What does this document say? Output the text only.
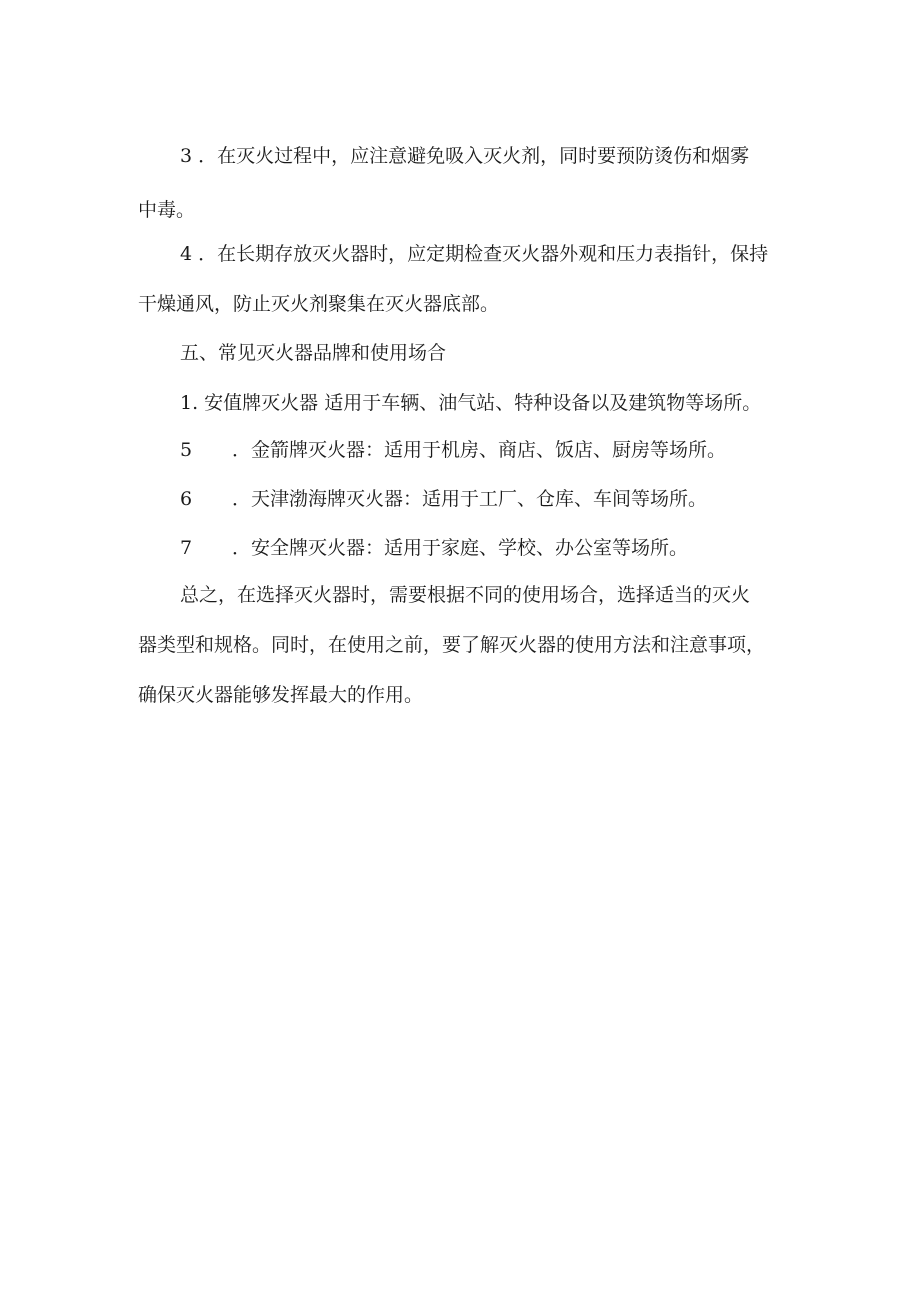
3 ．在灭火过程中，应注意避免吸入灭火剂，同时要预防烫伤和烟雾
中毒。
4 ．在长期存放灭火器时，应定期检查灭火器外观和压力表指针，保持
干燥通风，防止灭火剂聚集在灭火器底部。
五、常见灭火器品牌和使用场合
1. 安值牌灭火器 适用于车辆、油气站、特种设备以及建筑物等场所。
5 ．金箭牌灭火器：适用于机房、商店、饭店、厨房等场所。
6 ．天津渤海牌灭火器：适用于工厂、仓库、车间等场所。
7 ．安全牌灭火器：适用于家庭、学校、办公室等场所。
总之，在选择灭火器时，需要根据不同的使用场合，选择适当的灭火
器类型和规格。同时，在使用之前，要了解灭火器的使用方法和注意事项，
确保灭火器能够发挥最大的作用。
